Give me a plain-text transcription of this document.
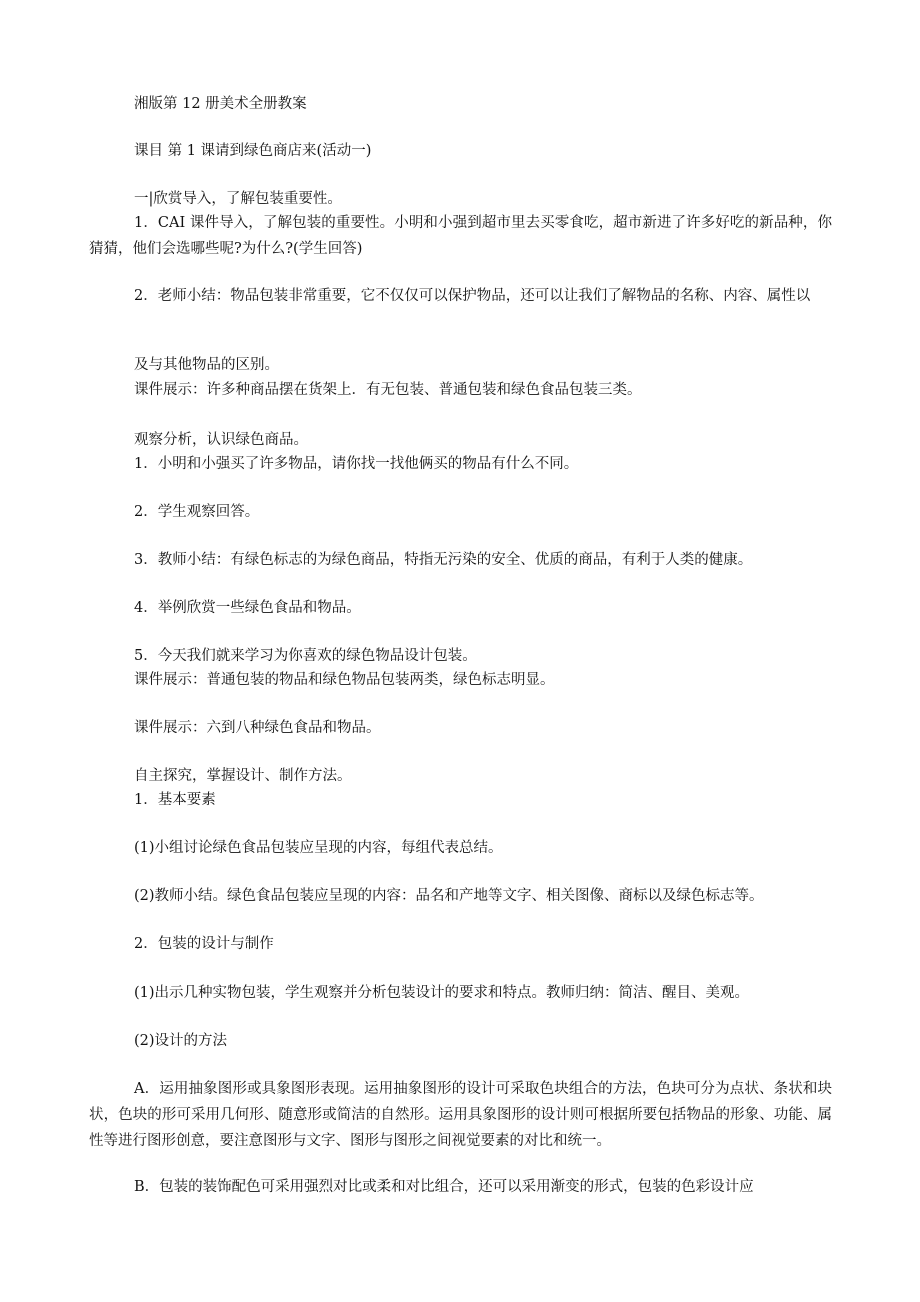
湘版第 12 册美术全册教案
课目 第 1 课请到绿色商店来(活动一)
一|欣赏导入，了解包装重要性。
1．CAI 课件导入，了解包装的重要性。小明和小强到超市里去买零食吃，超市新进了许多好吃的新品种，你猜猜，他们会选哪些呢?为什么?(学生回答)
2．老师小结：物品包装非常重要，它不仅仅可以保护物品，还可以让我们了解物品的名称、内容、属性以
及与其他物品的区别。
课件展示：许多种商品摆在货架上．有无包装、普通包装和绿色食品包装三类。
观察分析，认识绿色商品。
1．小明和小强买了许多物品，请你找一找他俩买的物品有什么不同。
2．学生观察回答。
3．教师小结：有绿色标志的为绿色商品，特指无污染的安全、优质的商品，有利于人类的健康。
4．举例欣赏一些绿色食品和物品。
5．今天我们就来学习为你喜欢的绿色物品设计包装。
课件展示：普通包装的物品和绿色物品包装两类，绿色标志明显。
课件展示：六到八种绿色食品和物品。
自主探究，掌握设计、制作方法。
1．基本要素
(1)小组讨论绿色食品包装应呈现的内容，每组代表总结。
(2)教师小结。绿色食品包装应呈现的内容：品名和产地等文字、相关图像、商标以及绿色标志等。
2．包装的设计与制作
(1)出示几种实物包装，学生观察并分析包装设计的要求和特点。教师归纳：简洁、醒目、美观。
(2)设计的方法
A．运用抽象图形或具象图形表现。运用抽象图形的设计可采取色块组合的方法，色块可分为点状、条状和块状，色块的形可采用几何形、随意形或简洁的自然形。运用具象图形的设计则可根据所要包括物品的形象、功能、属性等进行图形创意，要注意图形与文字、图形与图形之间视觉要素的对比和统一。
B．包装的装饰配色可采用强烈对比或柔和对比组合，还可以采用渐变的形式，包装的色彩设计应
